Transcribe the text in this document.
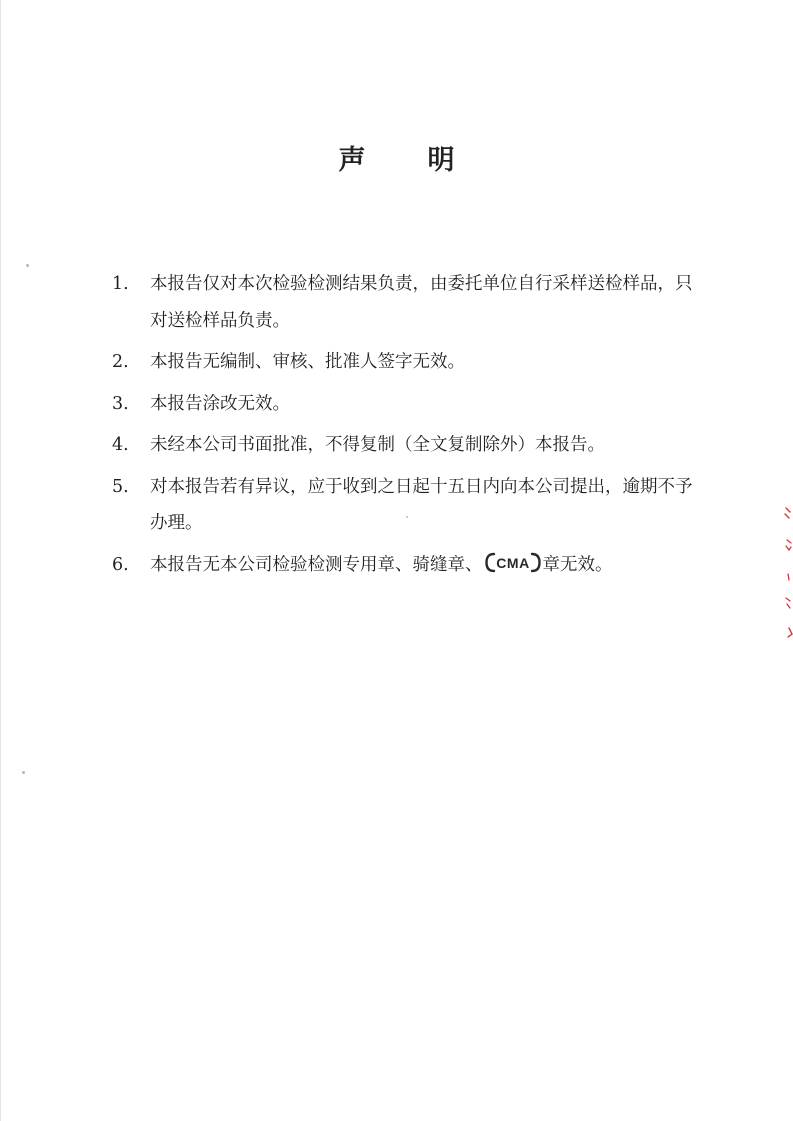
声 明
1.	本报告仅对本次检验检测结果负责，由委托单位自行采样送检样品，只对送检样品负责。
2.	本报告无编制、审核、批准人签字无效。
3.	本报告涂改无效。
4.	未经本公司书面批准，不得复制（全文复制除外）本报告。
5.	对本报告若有异议，应于收到之日起十五日内向本公司提出，逾期不予办理。
6.	本报告无本公司检验检测专用章、骑缝章、 CMA 章无效。
